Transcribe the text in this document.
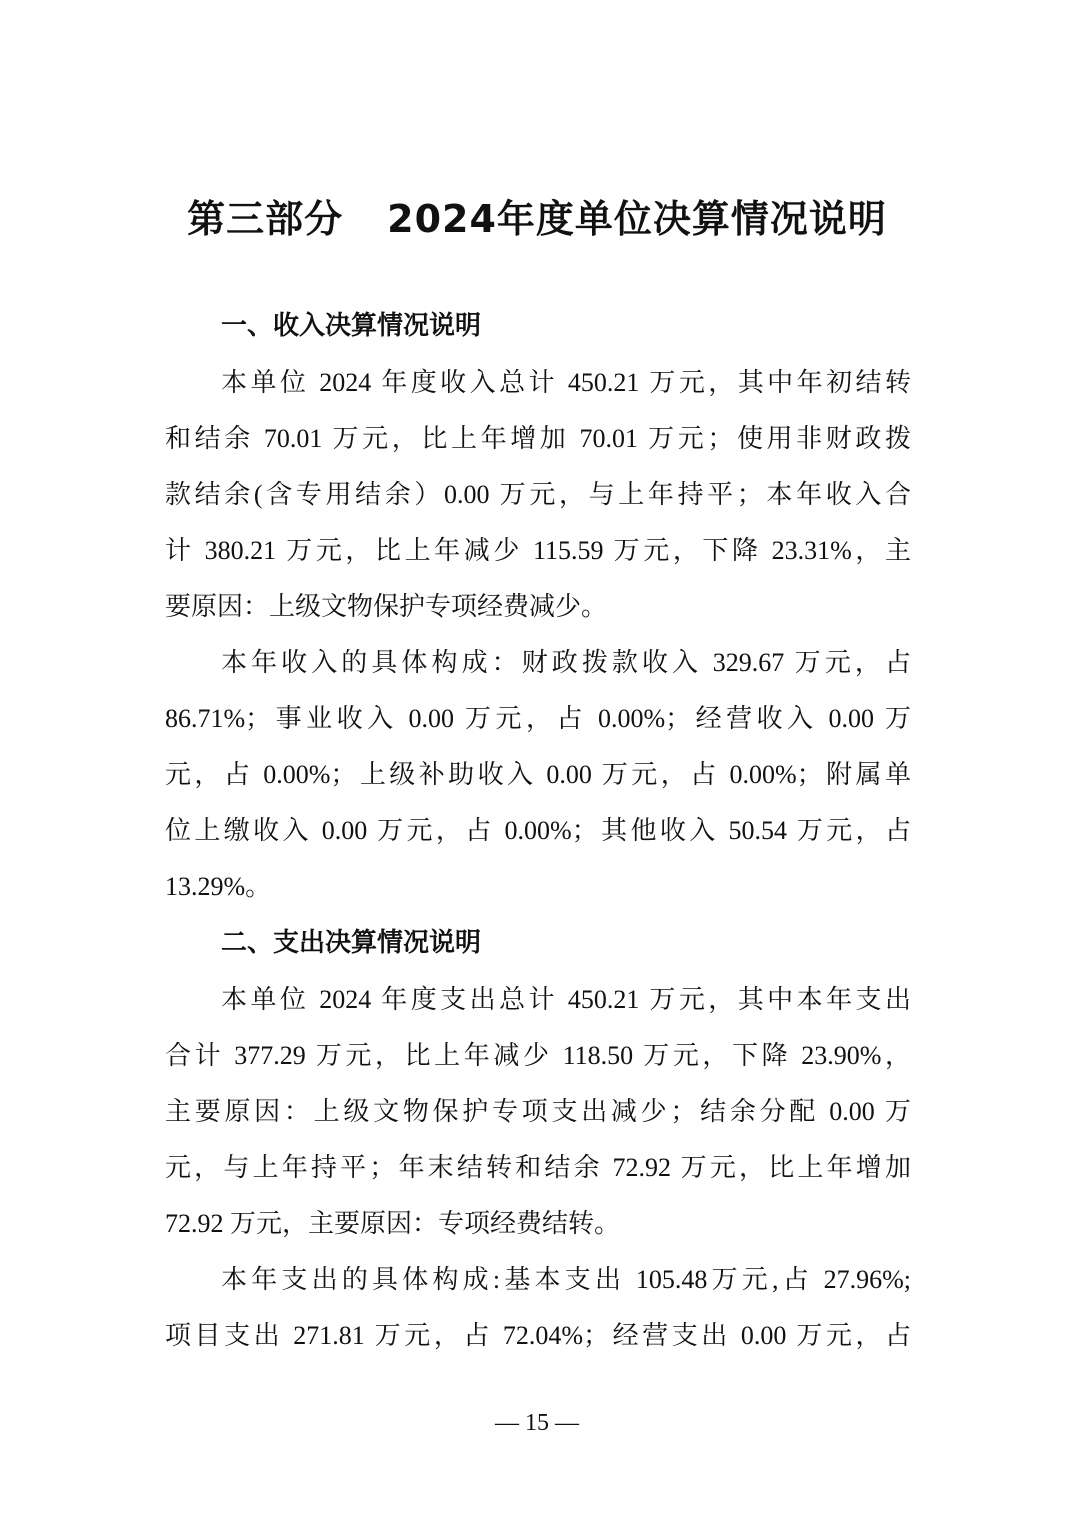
第三部分 2024年度单位决算情况说明
一、收入决算情况说明
本单位 2024 年度收入总计 450.21 万元，其中年初结转
和结余 70.01 万元，比上年增加 70.01 万元；使用非财政拨
款结余(含专用结余）0.00 万元，与上年持平；本年收入合
计 380.21 万元，比上年减少 115.59 万元，下降 23.31%，主
要原因：上级文物保护专项经费减少。
本年收入的具体构成：财政拨款收入 329.67 万元，占
86.71%；事业收入 0.00 万元，占 0.00%；经营收入 0.00 万
元，占 0.00%；上级补助收入 0.00 万元，占 0.00%；附属单
位上缴收入 0.00 万元，占 0.00%；其他收入 50.54 万元，占
13.29%。
二、支出决算情况说明
本单位 2024 年度支出总计 450.21 万元，其中本年支出
合计 377.29 万元，比上年减少 118.50 万元，下降 23.90%，
主要原因：上级文物保护专项支出减少；结余分配 0.00 万
元，与上年持平；年末结转和结余 72.92 万元，比上年增加
72.92 万元，主要原因：专项经费结转。
本年支出的具体构成:基本支出 105.48万元,占 27.96%;
项目支出 271.81 万元，占 72.04%；经营支出 0.00 万元，占
— 15 —
